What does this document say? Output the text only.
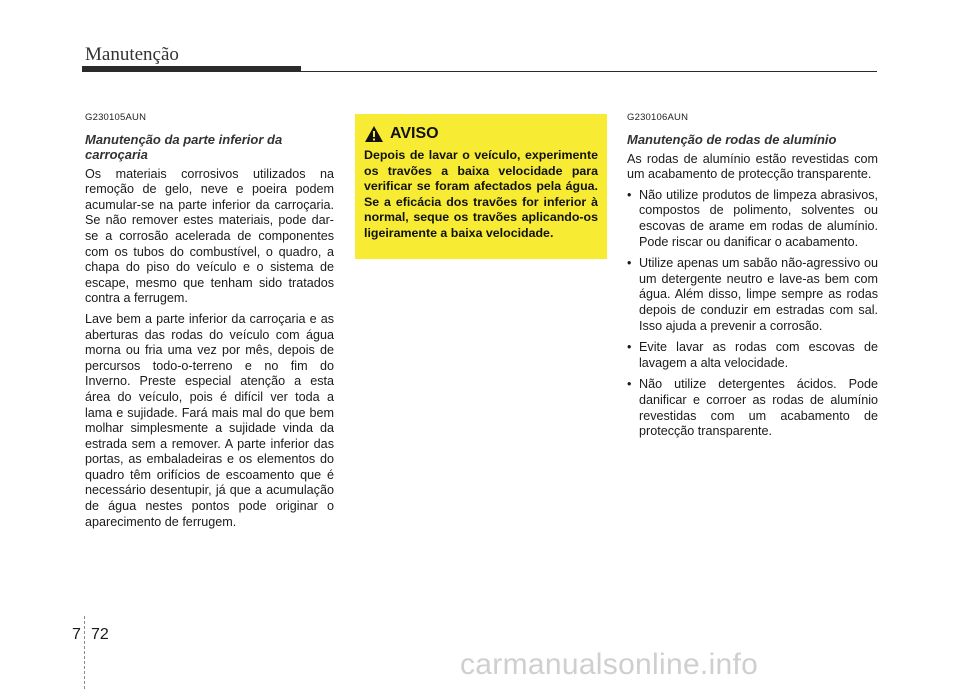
Manutenção
G230105AUN
Manutenção da parte inferior da carroçaria

Os materiais corrosivos utilizados na remoção de gelo, neve e poeira podem acumular-se na parte inferior da carroçaria. Se não remover estes materiais, pode dar-se a corrosão acelerada de componentes com os tubos do combustível, o quadro, a chapa do piso do veículo e o sistema de escape, mesmo que tenham sido tratados contra a ferrugem.

Lave bem a parte inferior da carroçaria e as aberturas das rodas do veículo com água morna ou fria uma vez por mês, depois de percursos todo-o-terreno e no fim do Inverno. Preste especial atenção a esta área do veículo, pois é difícil ver toda a lama e sujidade. Fará mais mal do que bem molhar simplesmente a sujidade vinda da estrada sem a remover. A parte inferior das portas, as embaladeiras e os elementos do quadro têm orifícios de escoamento que é necessário desentupir, já que a acumulação de água nestes pontos pode originar o aparecimento de ferrugem.

AVISO
Depois de lavar o veículo, experimente os travões a baixa velocidade para verificar se foram afectados pela água. Se a eficácia dos travões for inferior à normal, seque os travões aplicando-os ligeiramente a baixa velocidade.
G230106AUN
Manutenção de rodas de alumínio

As rodas de alumínio estão revestidas com um acabamento de protecção transparente.

• Não utilize produtos de limpeza abrasivos, compostos de polimento, solventes ou escovas de arame em rodas de alumínio. Pode riscar ou danificar o acabamento.
• Utilize apenas um sabão não-agressivo ou um detergente neutro e lave-as bem com água. Além disso, limpe sempre as rodas depois de conduzir em estradas com sal. Isso ajuda a prevenir a corrosão.
• Evite lavar as rodas com escovas de lavagem a alta velocidade.
• Não utilize detergentes ácidos. Pode danificar e corroer as rodas de alumínio revestidas com um acabamento de protecção transparente.
7 72
carmanualsonline.info
